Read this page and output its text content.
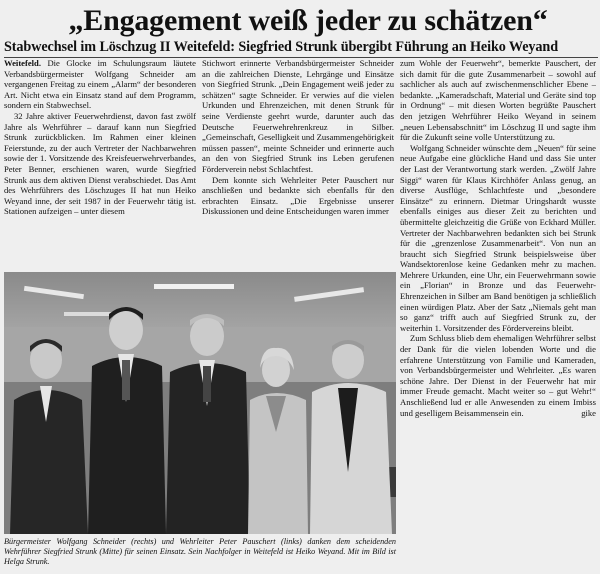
„Engagement weiß jeder zu schätzen“
Stabwechsel im Löschzug II Weitefeld: Siegfried Strunk übergibt Führung an Heiko Weyand

Weitefeld. Die Glocke im Schulungsraum läutete Verbandsbürgermeister Wolfgang Schneider am vergangenen Freitag zu einem „Alarm“ der besonderen Art. Nicht etwa ein Einsatz stand auf dem Programm, sondern ein Stabwechsel.

32 Jahre aktiver Feuerwehrdienst, davon fast zwölf Jahre als Wehrführer – darauf kann nun Siegfried Strunk zurückblicken. Im Rahmen einer kleinen Feierstunde, zu der auch Vertreter der Nachbarwehren sowie der 1. Vorsitzende des Kreisfeuerwehrverbandes, Peter Benner, erschienen waren, wurde Siegfried Strunk aus dem aktiven Dienst verabschiedet. Das Amt des Wehrführers des Löschzuges II hat nun Heiko Weyand inne, der seit 1987 in der Feuerwehr tätig ist. Stationen aufzeigen – unter diesem

Stichwort erinnerte Verbandsbürgermeister Schneider an die zahlreichen Dienste, Lehrgänge und Einsätze von Siegfried Strunk. „Dein Engagement weiß jeder zu schätzen“ sagte Schneider. Er verwies auf die vielen Urkunden und Ehrenzeichen, mit denen Strunk für seine Verdienste geehrt wurde, darunter auch das Deutsche Feuerwehrehrenkreuz in Silber. „Gemeinschaft, Geselligkeit und Zusammengehörigkeit müssen passen“, meinte Schneider und erinnerte auch an den von Siegfried Strunk ins Leben gerufenen Förderverein nebst Schlachtfest.

Dem konnte sich Wehrleiter Peter Pauschert nur anschließen und bedankte sich ebenfalls für den erbrachten Einsatz. „Die Ergebnisse unserer Diskussionen und deine Entscheidungen waren immer

zum Wohle der Feuerwehr“, bemerkte Pauschert, der sich damit für die gute Zusammenarbeit – sowohl auf sachlicher als auch auf zwischenmenschlicher Ebene – bedankte. „Kameradschaft, Material und Geräte sind top in Ordnung“ – mit diesen Worten begrüßte Pauschert den jetzigen Wehrführer Heiko Weyand in seinem „neuen Lebensabschnitt“ im Löschzug II und sagte ihm für die Zukunft seine volle Unterstützung zu.

Wolfgang Schneider wünschte dem „Neuen“ für seine neue Aufgabe eine glückliche Hand und dass Sie unter der Last der Verantwortung stark werden. „Zwölf Jahre Siggi“ waren für Klaus Kirchhöfer Anlass genug, an diverse Ausflüge, Schlachtfeste und „besondere Einsätze“ zu erinnern. Dietmar Uringshardt wusste ebenfalls einiges aus dieser Zeit zu berichten und übermittelte gleichzeitig die Grüße von Eckhard Müller. Vertreter der Nachbarwehren bedankten sich bei Strunk für die „grenzenlose Zusammenarbeit“. Von nun an braucht sich Siegfried Strunk beispielsweise über Wandsektorenlose keine Gedanken mehr zu machen. Mehrere Urkunden, eine Uhr, ein Feuerwehrmann sowie ein „Florian“ in Bronze und das Feuerwehr-Ehrenzeichen in Silber am Band benötigen ja schließlich einen würdigen Platz. Aber der Satz „Niemals geht man so ganz“ trifft auch auf Siegfried Strunk zu, der weiterhin 1. Vorsitzender des Fördervereins bleibt.

Zum Schluss blieb dem ehemaligen Wehrführer selbst der Dank für die vielen lobenden Worte und die erfahrene Unterstützung von Familie und Kameraden, von Verbandsbürgermeister und Wehrleiter. „Es waren schöne Jahre. Der Dienst in der Feuerwehr hat mir immer Freude gemacht. Macht weiter so – gut Wehr!“ Anschließend lud er alle Anwesenden zu einem Imbiss und geselligem Beisammensein ein.	gike

Bürgermeister Wolfgang Schneider (rechts) und Wehrleiter Peter Pauschert (links) danken dem scheidenden Wehrführer Siegfried Strunk (Mitte) für seinen Einsatz. Sein Nachfolger in Weitefeld ist Heiko Weyand. Mit im Bild ist Helga Strunk.
